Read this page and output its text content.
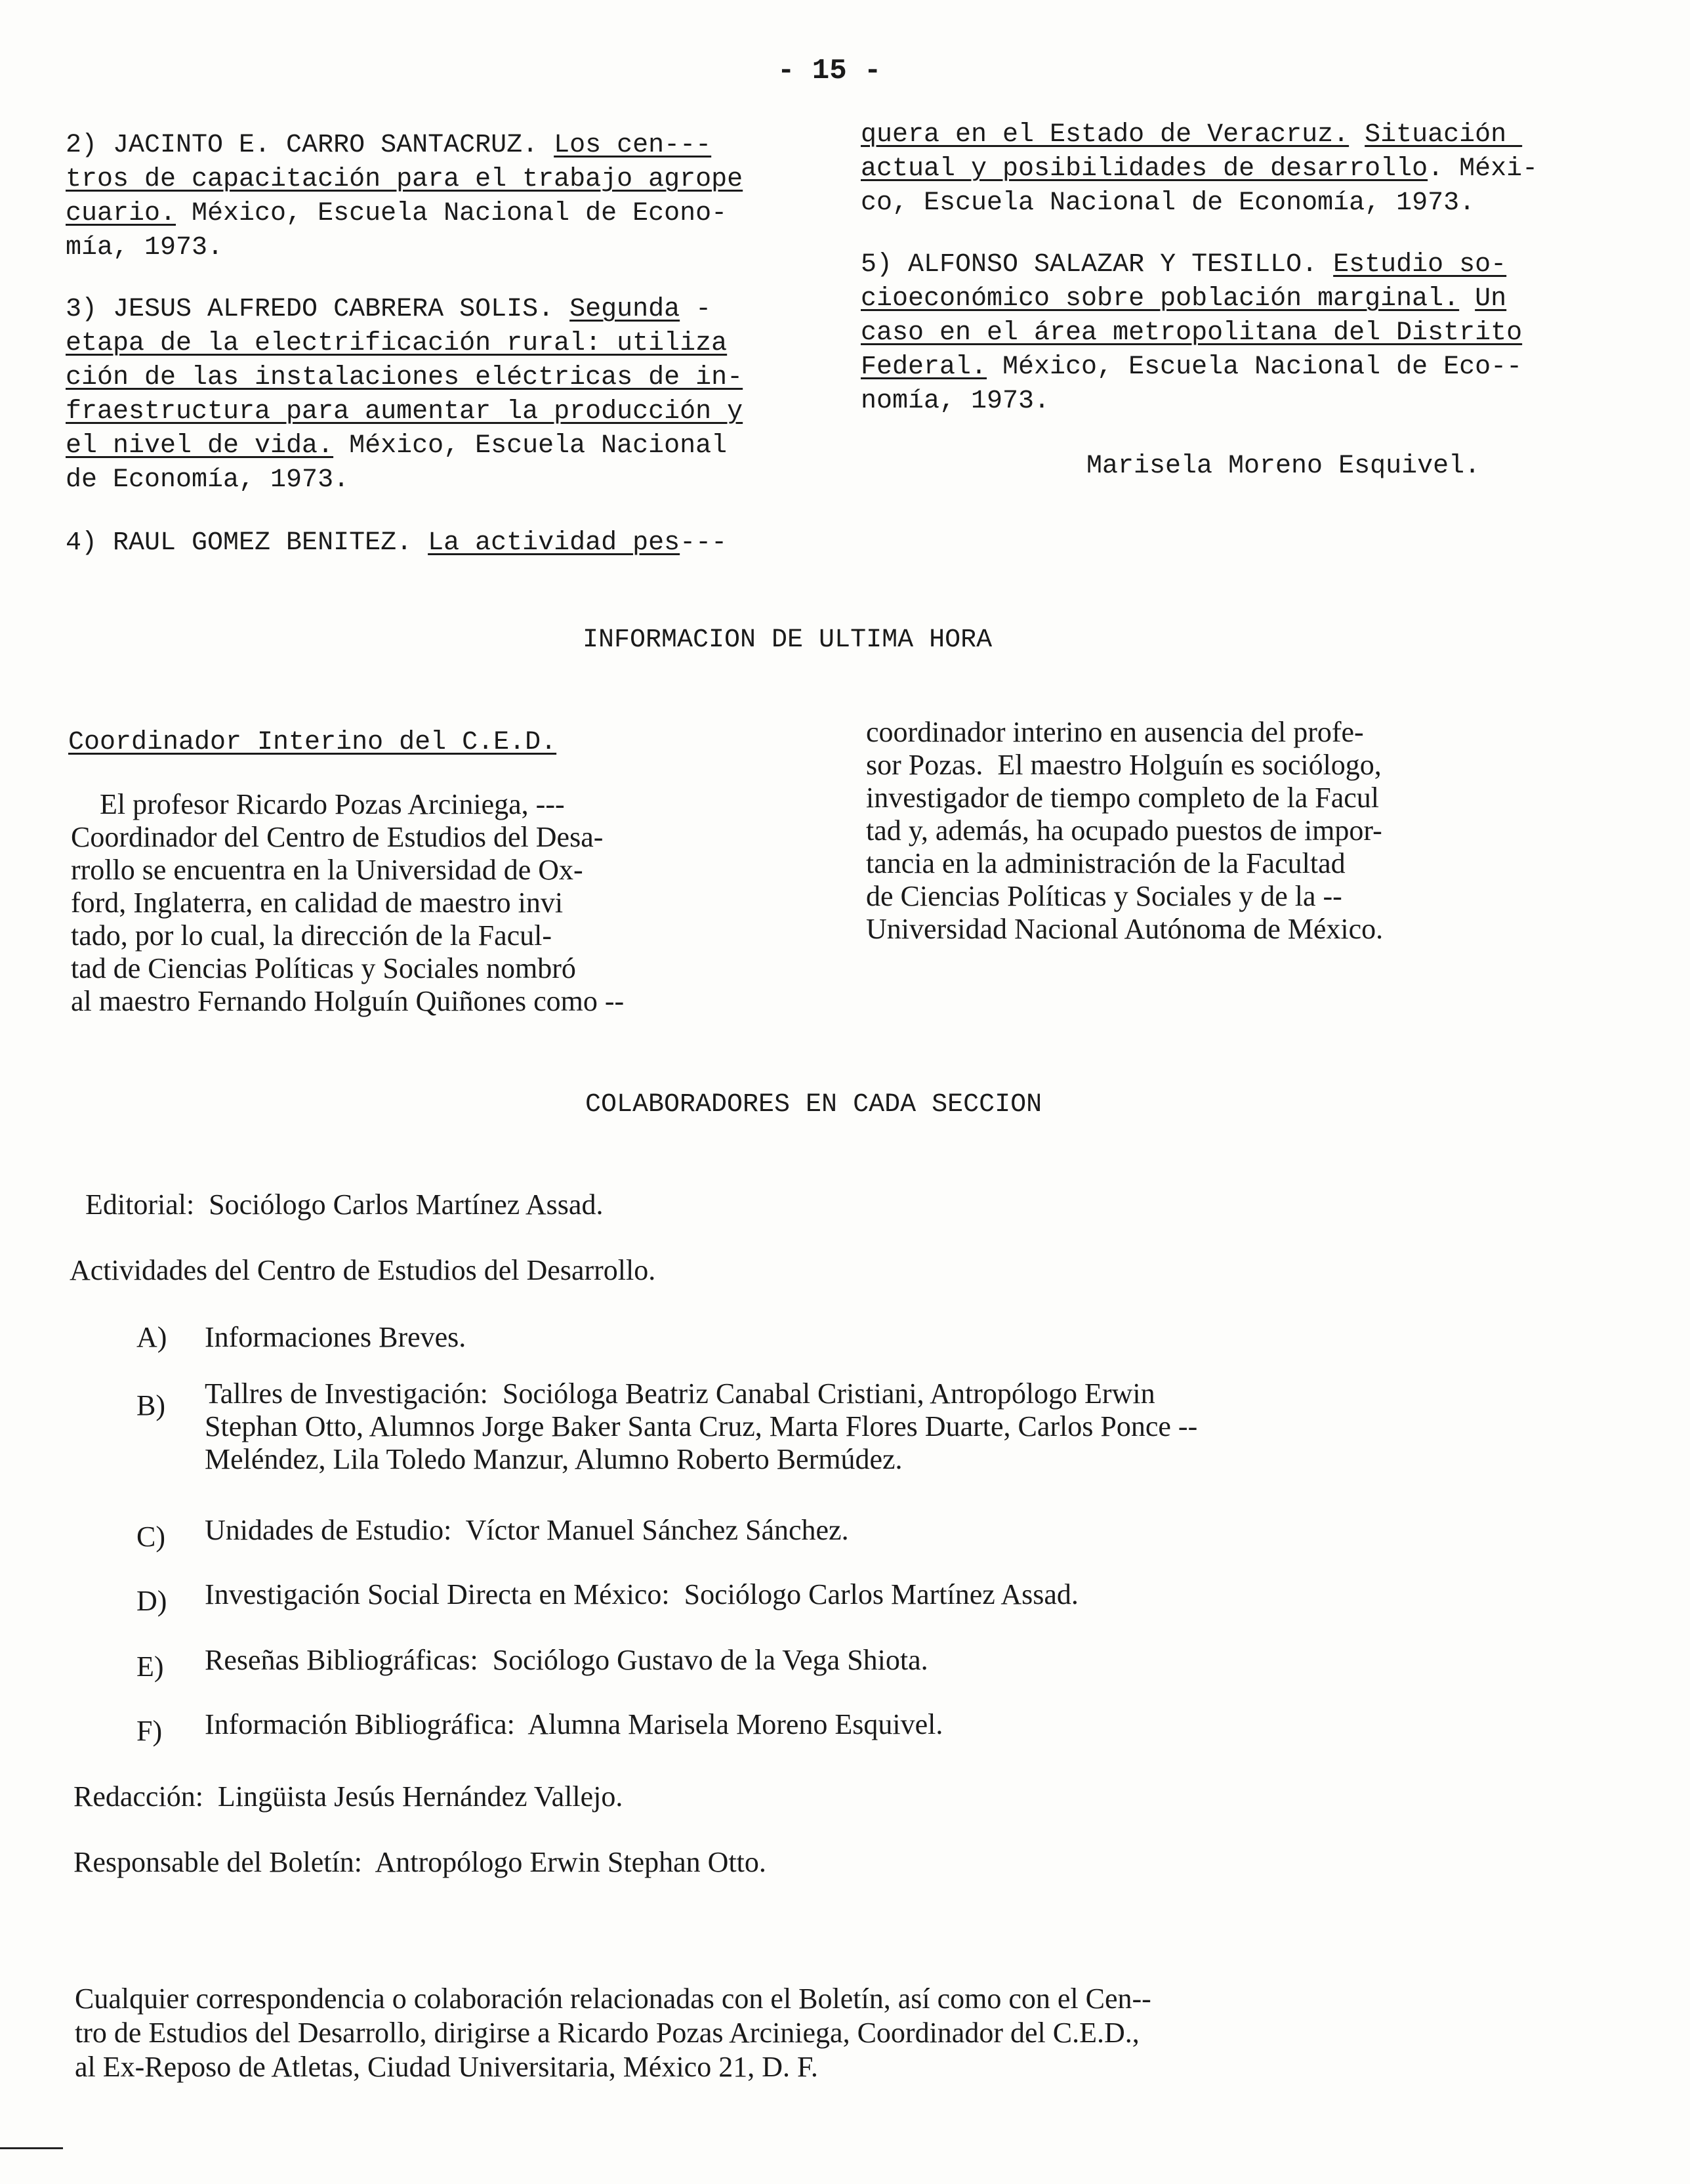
- 15 -

2) JACINTO E. CARRO SANTACRUZ. Los cen---

tros de capacitación para el trabajo agrope

cuario. México, Escuela Nacional de Econo-

mía, 1973.

3) JESUS ALFREDO CABRERA SOLIS. Segunda -

etapa de la electrificación rural: utiliza

ción de las instalaciones eléctricas de in-

fraestructura para aumentar la producción y

el nivel de vida. México, Escuela Nacional

de Economía, 1973.

4) RAUL GOMEZ BENITEZ. La actividad pes---

quera en el Estado de Veracruz. Situación

actual y posibilidades de desarrollo. Méxi-

co, Escuela Nacional de Economía, 1973.

5) ALFONSO SALAZAR Y TESILLO. Estudio so-

cioeconómico sobre población marginal. Un

caso en el área metropolitana del Distrito

Federal. México, Escuela Nacional de Eco--

nomía, 1973.

Marisela Moreno Esquivel.

INFORMACION DE ULTIMA HORA
Coordinador Interino del C.E.D.
El profesor Ricardo Pozas Arciniega, ---
Coordinador del Centro de Estudios del Desa-
rrollo se encuentra en la Universidad de Ox-
ford, Inglaterra, en calidad de maestro invi
tado, por lo cual, la dirección de la Facul-
tad de Ciencias Políticas y Sociales nombró
al maestro Fernando Holguín Quiñones como --
coordinador interino en ausencia del profe-
sor Pozas.  El maestro Holguín es sociólogo,
investigador de tiempo completo de la Facul
tad y, además, ha ocupado puestos de impor-
tancia en la administración de la Facultad
de Ciencias Políticas y Sociales y de la --
Universidad Nacional Autónoma de México.
COLABORADORES EN CADA SECCION
Editorial:  Sociólogo Carlos Martínez Assad.
Actividades del Centro de Estudios del Desarrollo.
A) Informaciones Breves.
B) Tallres de Investigación:  Socióloga Beatriz Canabal Cristiani, Antropólogo Erwin
Stephan Otto, Alumnos Jorge Baker Santa Cruz, Marta Flores Duarte, Carlos Ponce --
Meléndez, Lila Toledo Manzur, Alumno Roberto Bermúdez.
C) Unidades de Estudio:  Víctor Manuel Sánchez Sánchez.
D) Investigación Social Directa en México:  Sociólogo Carlos Martínez Assad.
E) Reseñas Bibliográficas:  Sociólogo Gustavo de la Vega Shiota.
F) Información Bibliográfica:  Alumna Marisela Moreno Esquivel.
Redacción:  Lingüista Jesús Hernández Vallejo.
Responsable del Boletín:  Antropólogo Erwin Stephan Otto.
Cualquier correspondencia o colaboración relacionadas con el Boletín, así como con el Cen--
tro de Estudios del Desarrollo, dirigirse a Ricardo Pozas Arciniega, Coordinador del C.E.D.,
al Ex-Reposo de Atletas, Ciudad Universitaria, México 21, D. F.
